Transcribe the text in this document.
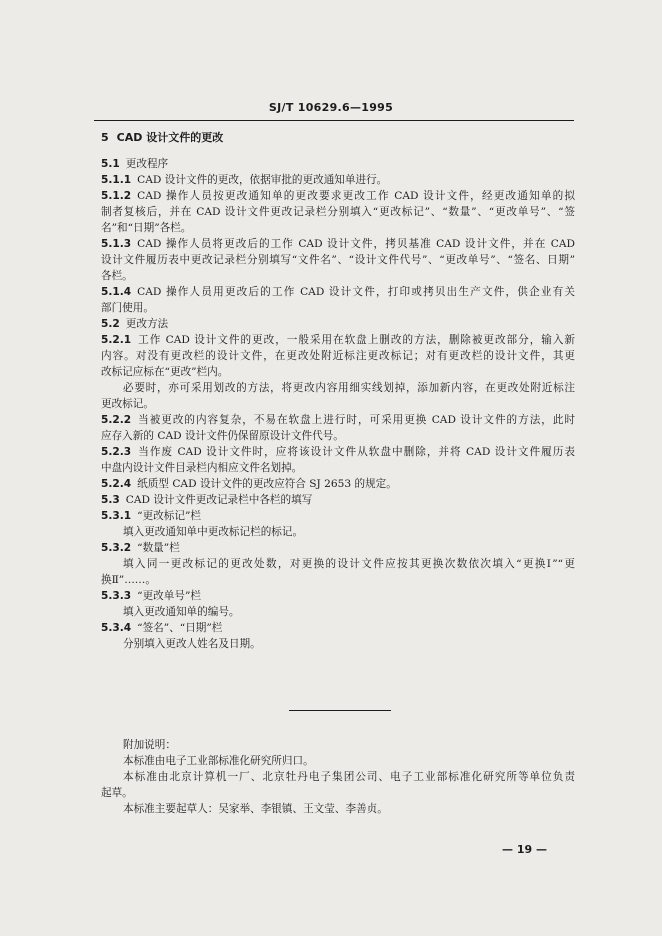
SJ/T 10629.6—1995
5 CAD 设计文件的更改
5.1 更改程序
5.1.1 CAD 设计文件的更改，依据审批的更改通知单进行。
5.1.2 CAD 操作人员按更改通知单的更改要求更改工作 CAD 设计文件，经更改通知单的拟
制者复核后，并在 CAD 设计文件更改记录栏分别填入“更改标记”、“数量”、“更改单号”、“签
名”和“日期”各栏。
5.1.3 CAD 操作人员将更改后的工作 CAD 设计文件，拷贝基准 CAD 设计文件，并在 CAD
设计文件履历表中更改记录栏分别填写“文件名”、“设计文件代号”、“更改单号”、“签名、日期”
各栏。
5.1.4 CAD 操作人员用更改后的工作 CAD 设计文件，打印或拷贝出生产文件，供企业有关
部门使用。
5.2 更改方法
5.2.1 工作 CAD 设计文件的更改，一般采用在软盘上删改的方法，删除被更改部分，输入新
内容。对没有更改栏的设计文件，在更改处附近标注更改标记；对有更改栏的设计文件，其更
改标记应标在“更改”栏内。
必要时，亦可采用划改的方法，将更改内容用细实线划掉，添加新内容，在更改处附近标注
更改标记。
5.2.2 当被更改的内容复杂，不易在软盘上进行时，可采用更换 CAD 设计文件的方法，此时
应存入新的 CAD 设计文件仍保留原设计文件代号。
5.2.3 当作废 CAD 设计文件时，应将该设计文件从软盘中删除，并将 CAD 设计文件履历表
中盘内设计文件目录栏内相应文件名划掉。
5.2.4 纸质型 CAD 设计文件的更改应符合 SJ 2653 的规定。
5.3 CAD 设计文件更改记录栏中各栏的填写
5.3.1 “更改标记”栏
填入更改通知单中更改标记栏的标记。
5.3.2 “数量”栏
填入同一更改标记的更改处数，对更换的设计文件应按其更换次数依次填入“更换Ⅰ”“更
换Ⅱ”……。
5.3.3 “更改单号”栏
填入更改通知单的编号。
5.3.4 “签名”、“日期”栏
分别填入更改人姓名及日期。
附加说明：
本标准由电子工业部标准化研究所归口。
本标准由北京计算机一厂、北京牡丹电子集团公司、电子工业部标准化研究所等单位负责
起草。
本标准主要起草人：吴家举、李银镇、王文莹、李善贞。
— 19 —
